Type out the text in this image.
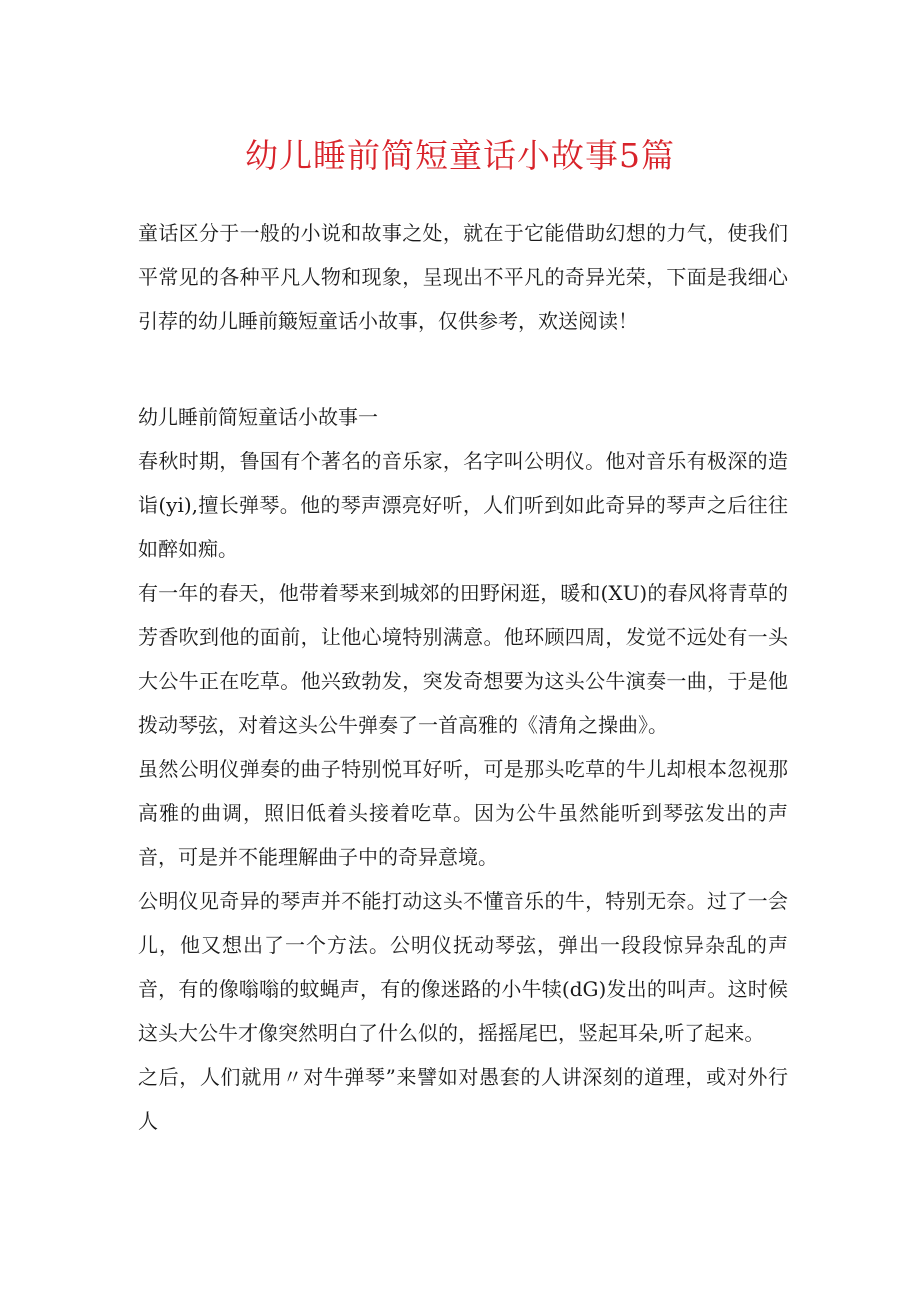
幼儿睡前简短童话小故事5篇

童话区分于一般的小说和故事之处，就在于它能借助幻想的力气，使我们平常见的各种平凡人物和现象，呈现出不平凡的奇异光荣，下面是我细心引荐的幼儿睡前簸短童话小故事，仅供参考，欢送阅读！

幼儿睡前简短童话小故事一

春秋时期，鲁国有个著名的音乐家，名字叫公明仪。他对音乐有极深的造诣(yi),擅长弹琴。他的琴声漂亮好听，人们听到如此奇异的琴声之后往往如醉如痴。

有一年的春天，他带着琴来到城郊的田野闲逛，暖和(XU)的春风将青草的芳香吹到他的面前，让他心境特别满意。他环顾四周，发觉不远处有一头大公牛正在吃草。他兴致勃发，突发奇想要为这头公牛演奏一曲，于是他拨动琴弦，对着这头公牛弹奏了一首高雅的《清角之操曲》。

虽然公明仪弹奏的曲子特别悦耳好听，可是那头吃草的牛儿却根本忽视那高雅的曲调，照旧低着头接着吃草。因为公牛虽然能听到琴弦发出的声音，可是并不能理解曲子中的奇异意境。

公明仪见奇异的琴声并不能打动这头不懂音乐的牛，特别无奈。过了一会儿，他又想出了一个方法。公明仪抚动琴弦，弹出一段段惊异杂乱的声音，有的像嗡嗡的蚊蝇声，有的像迷路的小牛犊(dG)发出的叫声。这时候这头大公牛才像突然明白了什么似的，摇摇尾巴，竖起耳朵,听了起来。

之后，人们就用〃对牛弹琴”来譬如对愚套的人讲深刻的道理，或对外行人
